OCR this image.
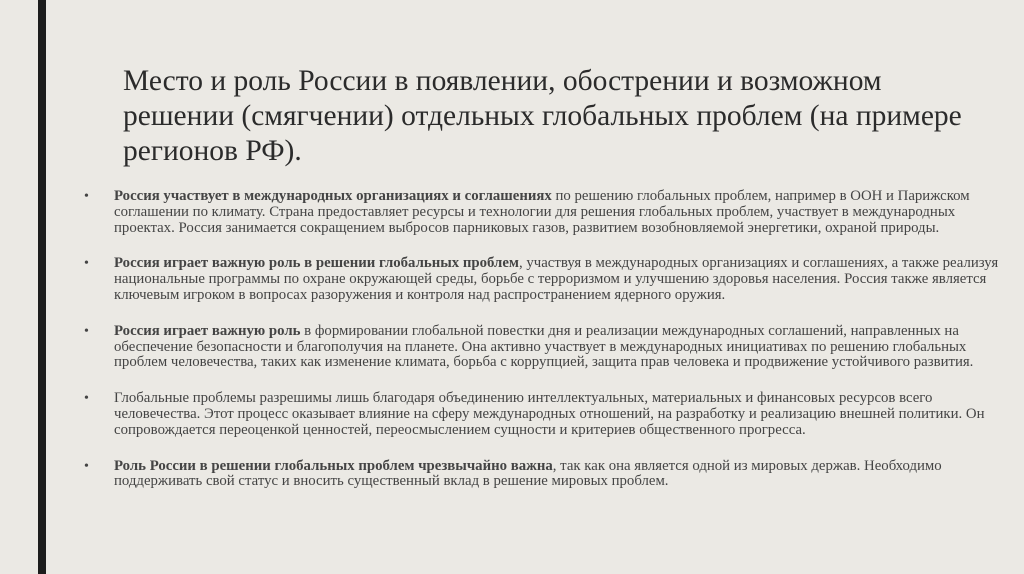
Место и роль России в появлении, обострении и возможном решении (смягчении) отдельных глобальных проблем (на примере регионов РФ).
• Россия участвует в международных организациях и соглашениях по решению глобальных проблем, например в ООН и Парижском соглашении по климату. Страна предоставляет ресурсы и технологии для решения глобальных проблем, участвует в международных проектах. Россия занимается сокращением выбросов парниковых газов, развитием возобновляемой энергетики, охраной природы.
• Россия играет важную роль в решении глобальных проблем, участвуя в международных организациях и соглашениях, а также реализуя национальные программы по охране окружающей среды, борьбе с терроризмом и улучшению здоровья населения. Россия также является ключевым игроком в вопросах разоружения и контроля над распространением ядерного оружия.
• Россия играет важную роль в формировании глобальной повестки дня и реализации международных соглашений, направленных на обеспечение безопасности и благополучия на планете. Она активно участвует в международных инициативах по решению глобальных проблем человечества, таких как изменение климата, борьба с коррупцией, защита прав человека и продвижение устойчивого развития.
• Глобальные проблемы разрешимы лишь благодаря объединению интеллектуальных, материальных и финансовых ресурсов всего человечества. Этот процесс оказывает влияние на сферу международных отношений, на разработку и реализацию внешней политики. Он сопровождается переоценкой ценностей, переосмыслением сущности и критериев общественного прогресса.
• Роль России в решении глобальных проблем чрезвычайно важна, так как она является одной из мировых держав. Необходимо поддерживать свой статус и вносить существенный вклад в решение мировых проблем.
